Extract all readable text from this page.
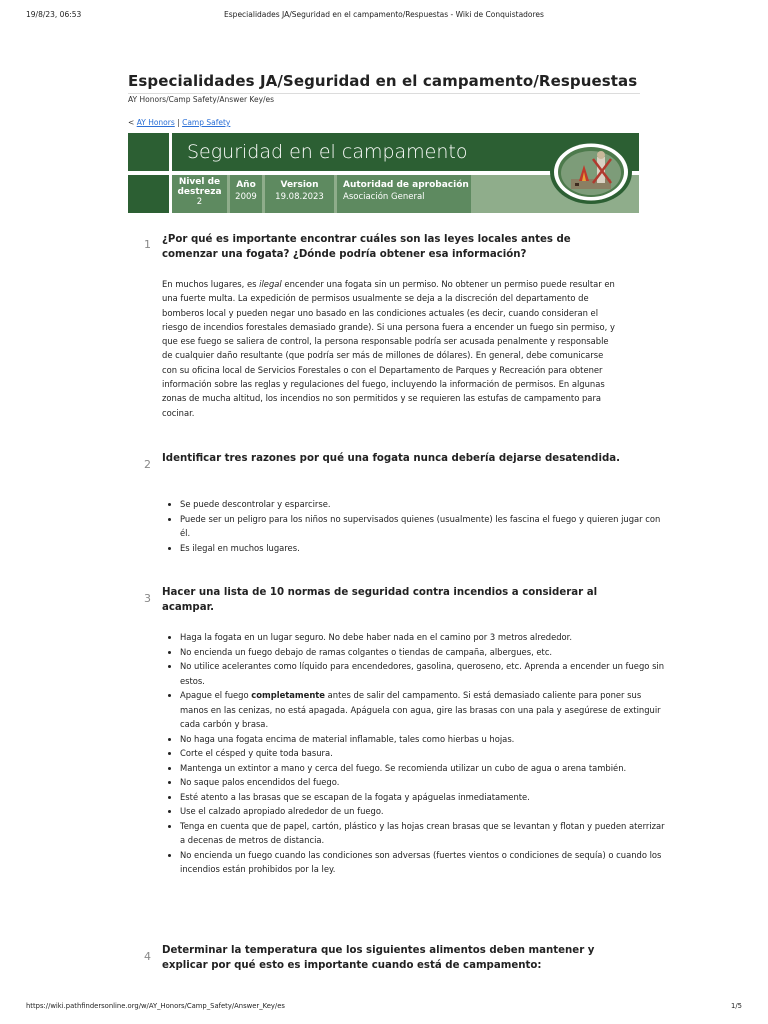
19/8/23, 06:53	Especialidades JA/Seguridad en el campamento/Respuestas - Wiki de Conquistadores
Especialidades JA/Seguridad en el campamento/Respuestas
AY Honors/Camp Safety/Answer Key/es
< AY Honors | Camp Safety
Seguridad en el campamento
Nivel de
destreza
2
Año
2009
Version
19.08.2023
Autoridad de aprobación
Asociación General
1 ¿Por qué es importante encontrar cuáles son las leyes locales antes de comenzar una fogata? ¿Dónde podría obtener esa información?
En muchos lugares, es ilegal encender una fogata sin un permiso. No obtener un permiso puede resultar en
una fuerte multa. La expedición de permisos usualmente se deja a la discreción del departamento de
bomberos local y pueden negar uno basado en las condiciones actuales (es decir, cuando consideran el
riesgo de incendios forestales demasiado grande). Si una persona fuera a encender un fuego sin permiso, y
que ese fuego se saliera de control, la persona responsable podría ser acusada penalmente y responsable
de cualquier daño resultante (que podría ser más de millones de dólares). En general, debe comunicarse
con su oficina local de Servicios Forestales o con el Departamento de Parques y Recreación para obtener
información sobre las reglas y regulaciones del fuego, incluyendo la información de permisos. En algunas
zonas de mucha altitud, los incendios no son permitidos y se requieren las estufas de campamento para
cocinar.
2 Identificar tres razones por qué una fogata nunca debería dejarse desatendida.
• Se puede descontrolar y esparcirse.
• Puede ser un peligro para los niños no supervisados quienes (usualmente) les fascina el fuego y quieren jugar con él.
• Es ilegal en muchos lugares.
3 Hacer una lista de 10 normas de seguridad contra incendios a considerar al acampar.
• Haga la fogata en un lugar seguro. No debe haber nada en el camino por 3 metros alrededor.
• No encienda un fuego debajo de ramas colgantes o tiendas de campaña, albergues, etc.
• No utilice acelerantes como líquido para encendedores, gasolina, queroseno, etc. Aprenda a encender un fuego sin estos.
• Apague el fuego completamente antes de salir del campamento. Si está demasiado caliente para poner sus manos en las cenizas, no está apagada. Apáguela con agua, gire las brasas con una pala y asegúrese de extinguir cada carbón y brasa.
• No haga una fogata encima de material inflamable, tales como hierbas u hojas.
• Corte el césped y quite toda basura.
• Mantenga un extintor a mano y cerca del fuego. Se recomienda utilizar un cubo de agua o arena también.
• No saque palos encendidos del fuego.
• Esté atento a las brasas que se escapan de la fogata y apáguelas inmediatamente.
• Use el calzado apropiado alrededor de un fuego.
• Tenga en cuenta que de papel, cartón, plástico y las hojas crean brasas que se levantan y flotan y pueden aterrizar a decenas de metros de distancia.
• No encienda un fuego cuando las condiciones son adversas (fuertes vientos o condiciones de sequía) o cuando los incendios están prohibidos por la ley.
4 Determinar la temperatura que los siguientes alimentos deben mantener y explicar por qué esto es importante cuando está de campamento:
https://wiki.pathfindersonline.org/w/AY_Honors/Camp_Safety/Answer_Key/es	1/5
